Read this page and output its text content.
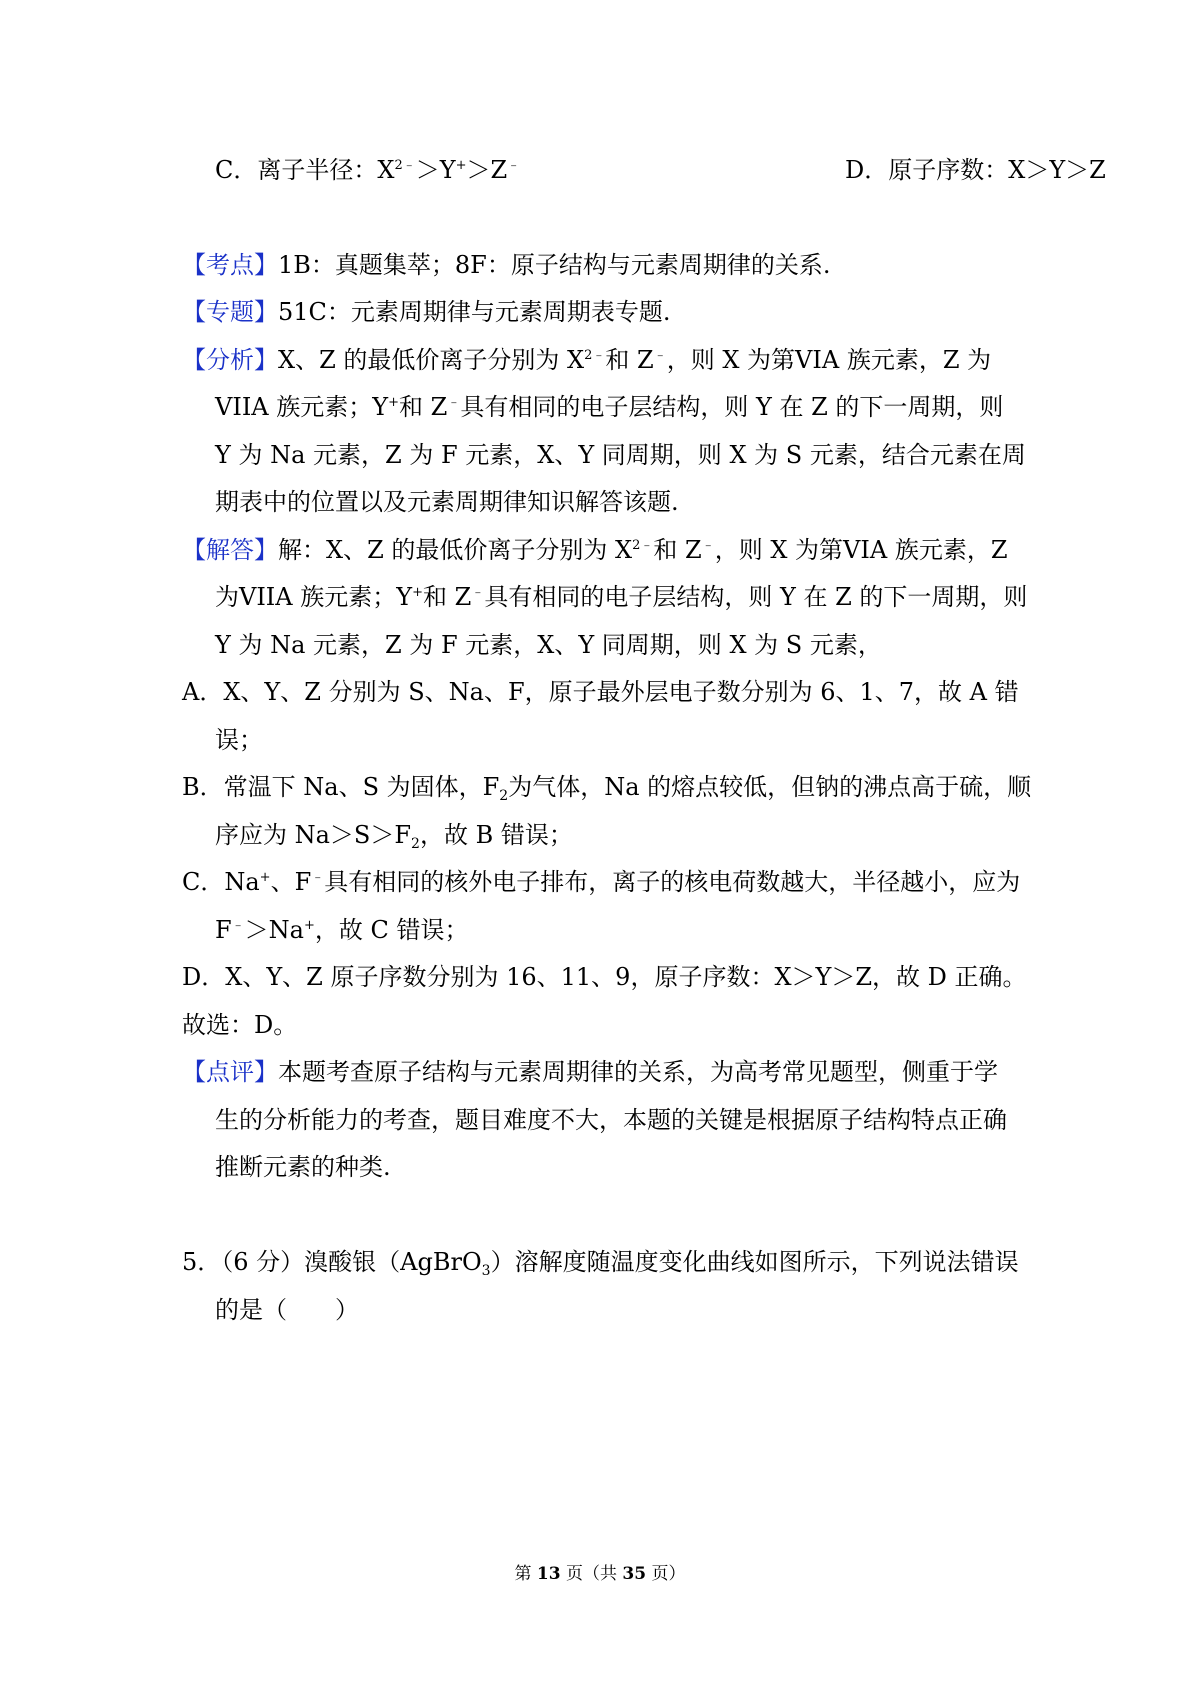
C．离子半径：$X^{2﹣}>Y^+>Z^﹣$	D．原子序数：X＞Y＞Z
【考点】1B：真题集萃；8F：原子结构与元素周期律的关系.
【专题】51C：元素周期律与元素周期表专题.
【分析】X、Z 的最低价离子分别为 $X^{2﹣}$和 Z﹣，则 X 为第VIA 族元素，Z 为
VIIA 族元素；Y+和 Z﹣具有相同的电子层结构，则 Y 在 Z 的下一周期，则
Y 为 Na 元素，Z 为 F 元素，X、Y 同周期，则 X 为 S 元素，结合元素在周
期表中的位置以及元素周期律知识解答该题.
【解答】解：X、Z 的最低价离子分别为 $X^{2﹣}$和 Z﹣，则 X 为第VIA 族元素，Z
为VIIA 族元素；Y+和 Z﹣具有相同的电子层结构，则 Y 在 Z 的下一周期，则
Y 为 Na 元素，Z 为 F 元素，X、Y 同周期，则 X 为 S 元素，
A．X、Y、Z 分别为 S、Na、F，原子最外层电子数分别为 6、1、7，故 A 错
误；
B．常温下 Na、S 为固体，$F_2$为气体，Na 的熔点较低，但钠的沸点高于硫，顺
序应为 $Na>S>F_2$，故 B 错误；
C．Na+、F﹣具有相同的核外电子排布，离子的核电荷数越大，半径越小，应为
F﹣＞Na+，故 C 错误；
D．X、Y、Z 原子序数分别为 16、11、9，原子序数：X＞Y＞Z，故 D 正确。
故选：D。
【点评】本题考查原子结构与元素周期律的关系，为高考常见题型，侧重于学
生的分析能力的考查，题目难度不大，本题的关键是根据原子结构特点正确
推断元素的种类.
5．（6 分）溴酸银（AgBrO$_3$）溶解度随温度变化曲线如图所示，下列说法错误
的是（　　）
第 13 页（共 35 页）
